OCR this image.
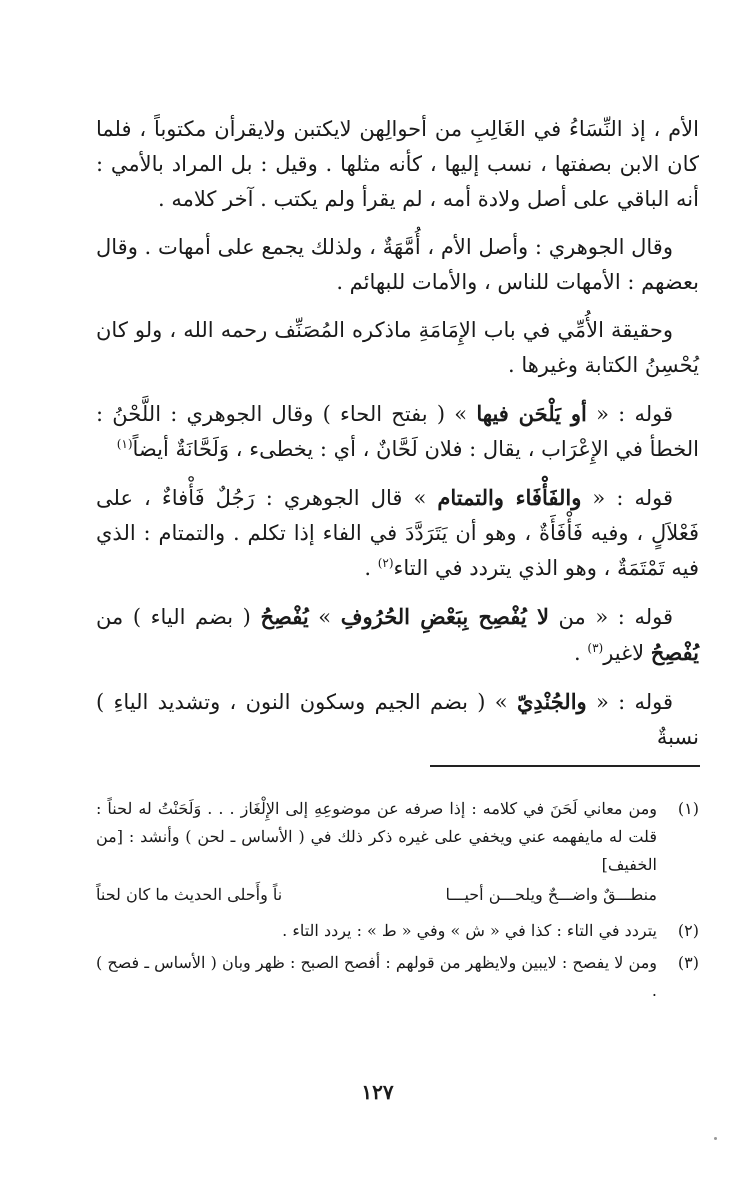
الأم ، إذ النِّسَاءُ في الغَالِبِ من أحوالِهن لايكتبن ولايقرأن مكتوباً ، فلما كان الابن بصفتها ، نسب إليها ، كأنه مثلها . وقيل : بل المراد بالأمي : أنه الباقي على أصل ولادة أمه ، لم يقرأ ولم يكتب . آخر كلامه .

وقال الجوهري : وأصل الأم ، أُمَّهَةٌ ، ولذلك يجمع على أمهات . وقال بعضهم : الأمهات للناس ، والأمات للبهائم .

وحقيقة الأُمِّي في باب الإِمَامَةِ ماذكره المُصَنِّف رحمه الله ، ولو كان يُحْسِنُ الكتابة وغيرها .

قوله : « أو يَلْحَن فيها » ( بفتح الحاء ) وقال الجوهري : اللَّحْنُ : الخطأ في الإِعْرَاب ، يقال : فلان لَحَّانٌ ، أي : يخطىء ، وَلَحَّانَةٌ أيضاً$^{(١)}$

قوله : « والفَأْفَاء والتمتام » قال الجوهري : رَجُلٌ فَأْفاءٌ ، على فَعْلاَلٍ ، وفيه فَأْفَأَةٌ ، وهو أن يَتَرَدَّدَ في الفاء إذا تكلم . والتمتام : الذي فيه تَمْتَمَةٌ ، وهو الذي يتردد في التاء$^{(٢)}$ .

قوله : « من لا يُفْصِح بِبَعْضِ الحُرُوفِ » يُفْصِحُ ( بضم الياء ) من يُفْصِحُ لاغير$^{(٣)}$ .

قوله : « والجُنْدِيّ » ( بضم الجيم وسكون النون ، وتشديد الياءِ ) نسبةٌ

(١)

ومن معاني لَحَنَ في كلامه : إذا صرفه عن موضوعِهِ إلى الإِلْغَاز . . . وَلَحَنْتُ له لحناً : قلت له مايفهمه عني ويخفي على غيره ذكر ذلك في ( الأساس ـ لحن ) وأنشد : [من الخفيف]

منطـــقٌ واضـــحٌ ويلحـــن أحيـــا
ناً وأَحلى الحديث ما كان لحناً
(٢)

يتردد في التاء : كذا في « ش » وفي « ط » : يردد التاء .

(٣)

ومن لا يفصح : لايبين ولايظهر من قولهم : أفصح الصبح : ظهر وبان ( الأساس ـ فصح ) .

١٢٧
